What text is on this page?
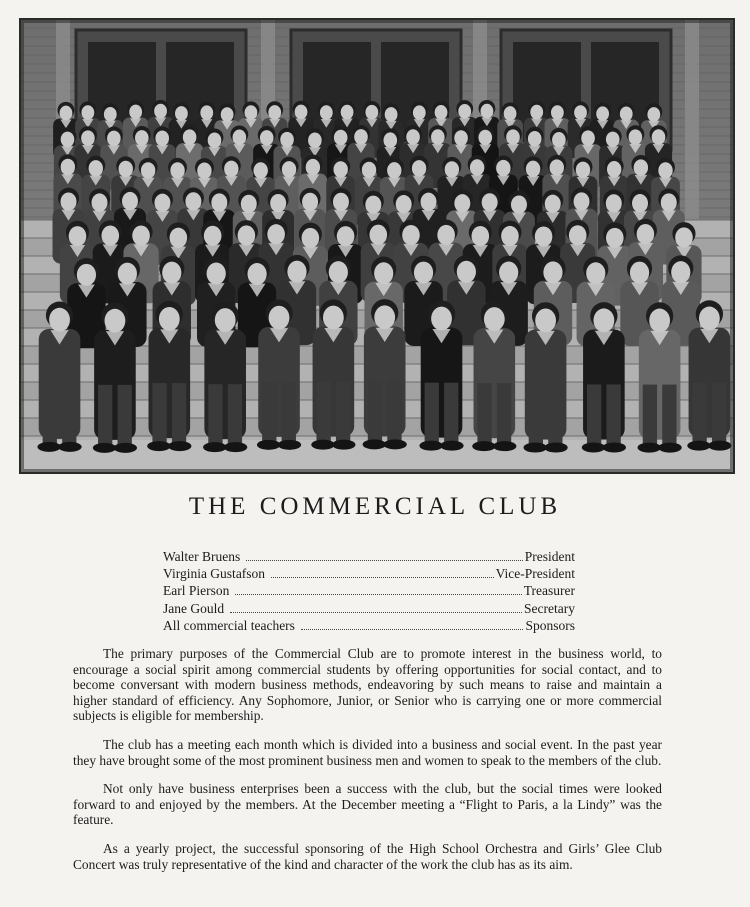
THE COMMERCIAL CLUB
Walter Bruens	President
Virginia Gustafson	Vice-President
Earl Pierson	Treasurer
Jane Gould	Secretary
All commercial teachers	Sponsors

The primary purposes of the Commercial Club are to promote interest in the business world, to encourage a social spirit among commercial students by offering opportunities for social contact, and to become conversant with modern business methods, endeavoring by such means to raise and maintain a higher standard of efficiency. Any Sophomore, Junior, or Senior who is carrying one or more commercial subjects is eligible for membership.

The club has a meeting each month which is divided into a business and social event. In the past year they have brought some of the most prominent business men and women to speak to the members of the club.

Not only have business enterprises been a success with the club, but the social times were looked forward to and enjoyed by the members. At the December meeting a “Flight to Paris, a la Lindy” was the feature.

As a yearly project, the successful sponsoring of the High School Orchestra and Girls’ Glee Club Concert was truly representative of the kind and character of the work the club has as its aim.
